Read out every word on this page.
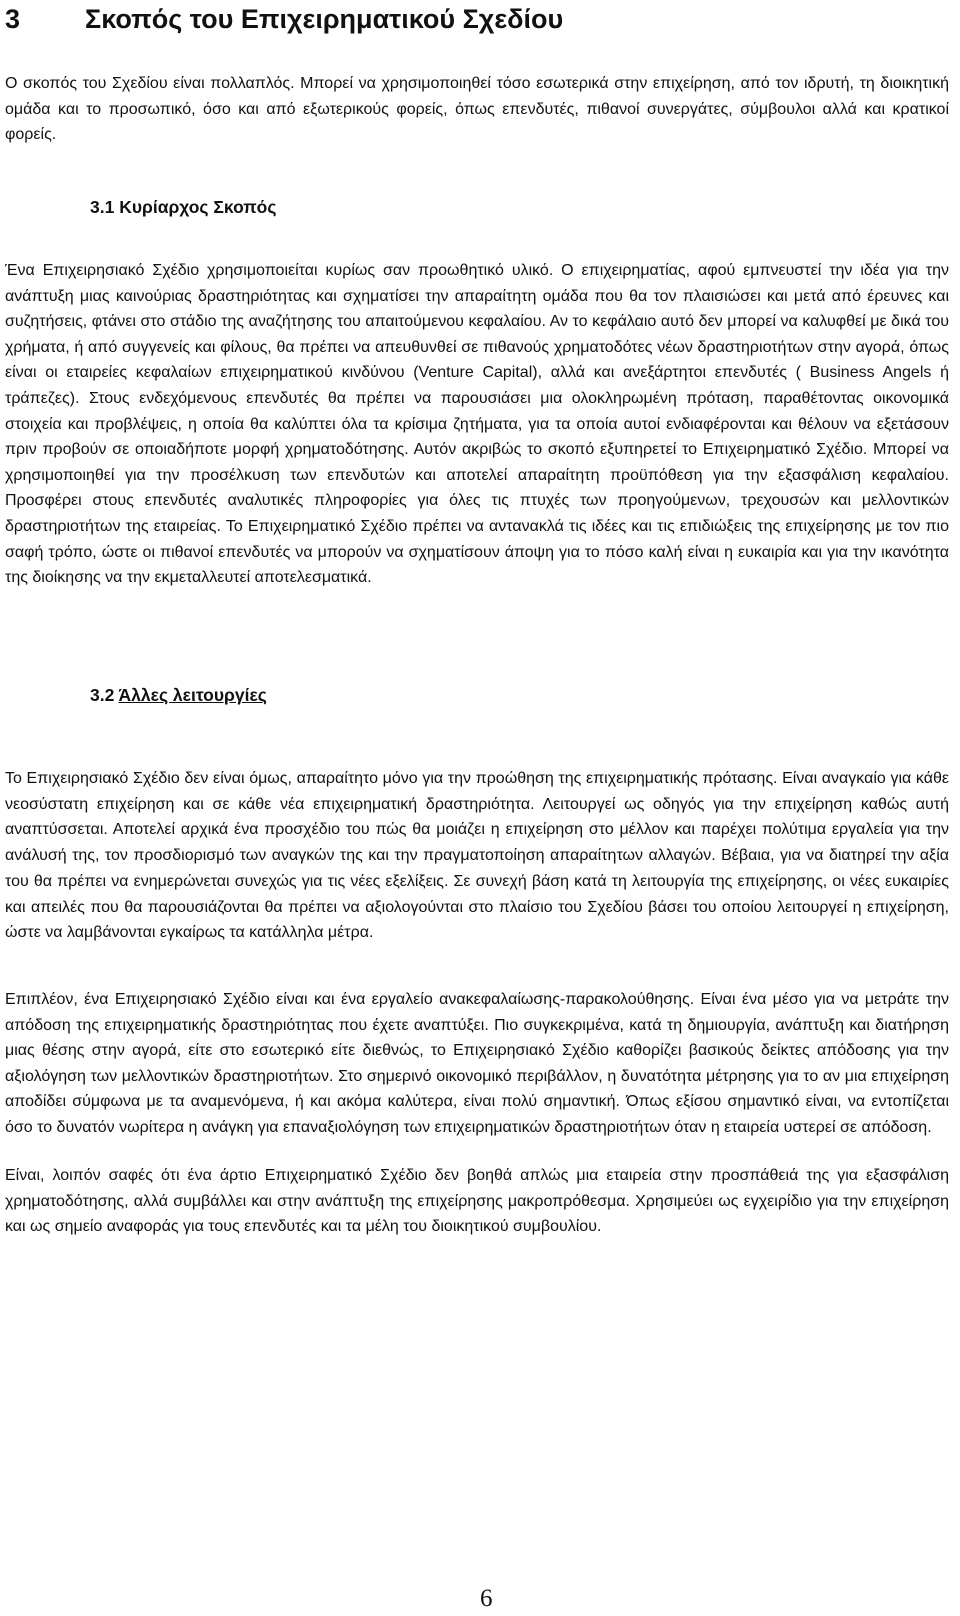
3 Σκοπός του Επιχειρηματικού Σχεδίου

Ο σκοπός του Σχεδίου είναι πολλαπλός. Μπορεί να χρησιμοποιηθεί τόσο εσωτερικά στην επιχείρηση, από τον ιδρυτή, τη διοικητική ομάδα και το προσωπικό, όσο και από εξωτερικούς φορείς, όπως επενδυτές, πιθανοί συνεργάτες, σύμβουλοι αλλά και κρατικοί φορείς.

3.1 Κυρίαρχος Σκοπός

Ένα Επιχειρησιακό Σχέδιο χρησιμοποιείται κυρίως σαν προωθητικό υλικό. Ο επιχειρηματίας, αφού εμπνευστεί την ιδέα για την ανάπτυξη μιας καινούριας δραστηριότητας και σχηματίσει την απαραίτητη ομάδα που θα τον πλαισιώσει και μετά από έρευνες και συζητήσεις, φτάνει στο στάδιο της αναζήτησης του απαιτούμενου κεφαλαίου. Αν το κεφάλαιο αυτό δεν μπορεί να καλυφθεί με δικά του χρήματα, ή από συγγενείς και φίλους, θα πρέπει να απευθυνθεί σε πιθανούς χρηματοδότες νέων δραστηριοτήτων στην αγορά, όπως είναι οι εταιρείες κεφαλαίων επιχειρηματικού κινδύνου (Venture Capital), αλλά και ανεξάρτητοι επενδυτές ( Business Angels ή τράπεζες). Στους ενδεχόμενους επενδυτές θα πρέπει να παρουσιάσει μια ολοκληρωμένη πρόταση, παραθέτοντας οικονομικά στοιχεία και προβλέψεις, η οποία θα καλύπτει όλα τα κρίσιμα ζητήματα, για τα οποία αυτοί ενδιαφέρονται και θέλουν να εξετάσουν πριν προβούν σε οποιαδήποτε μορφή χρηματοδότησης. Αυτόν ακριβώς το σκοπό εξυπηρετεί το Επιχειρηματικό Σχέδιο. Μπορεί να χρησιμοποιηθεί για την προσέλκυση των επενδυτών και αποτελεί απαραίτητη προϋπόθεση για την εξασφάλιση κεφαλαίου. Προσφέρει στους επενδυτές αναλυτικές πληροφορίες για όλες τις πτυχές των προηγούμενων, τρεχουσών και μελλοντικών δραστηριοτήτων της εταιρείας. Το Επιχειρηματικό Σχέδιο πρέπει να αντανακλά τις ιδέες και τις επιδιώξεις της επιχείρησης με τον πιο σαφή τρόπο, ώστε οι πιθανοί επενδυτές να μπορούν να σχηματίσουν άποψη για το πόσο καλή είναι η ευκαιρία και για την ικανότητα της διοίκησης να την εκμεταλλευτεί αποτελεσματικά.

3.2 Άλλες λειτουργίες

Το Επιχειρησιακό Σχέδιο δεν είναι όμως, απαραίτητο μόνο για την προώθηση της επιχειρηματικής πρότασης. Είναι αναγκαίο για κάθε νεοσύστατη επιχείρηση και σε κάθε νέα επιχειρηματική δραστηριότητα. Λειτουργεί ως οδηγός για την επιχείρηση καθώς αυτή αναπτύσσεται. Αποτελεί αρχικά ένα προσχέδιο του πώς θα μοιάζει η επιχείρηση στο μέλλον και παρέχει πολύτιμα εργαλεία για την ανάλυσή της, τον προσδιορισμό των αναγκών της και την πραγματοποίηση απαραίτητων αλλαγών. Βέβαια, για να διατηρεί την αξία του θα πρέπει να ενημερώνεται συνεχώς για τις νέες εξελίξεις. Σε συνεχή βάση κατά τη λειτουργία της επιχείρησης, οι νέες ευκαιρίες και απειλές που θα παρουσιάζονται θα πρέπει να αξιολογούνται στο πλαίσιο του Σχεδίου βάσει του οποίου λειτουργεί η επιχείρηση, ώστε να λαμβάνονται εγκαίρως τα κατάλληλα μέτρα.

Επιπλέον, ένα Επιχειρησιακό Σχέδιο είναι και ένα εργαλείο ανακεφαλαίωσης-παρακολούθησης. Είναι ένα μέσο για να μετράτε την απόδοση της επιχειρηματικής δραστηριότητας που έχετε αναπτύξει. Πιο συγκεκριμένα, κατά τη δημιουργία, ανάπτυξη και διατήρηση μιας θέσης στην αγορά, είτε στο εσωτερικό είτε διεθνώς, το Επιχειρησιακό Σχέδιο καθορίζει βασικούς δείκτες απόδοσης για την αξιολόγηση των μελλοντικών δραστηριοτήτων. Στο σημερινό οικονομικό περιβάλλον, η δυνατότητα μέτρησης για το αν μια επιχείρηση αποδίδει σύμφωνα με τα αναμενόμενα, ή και ακόμα καλύτερα, είναι πολύ σημαντική. Όπως εξίσου σημαντικό είναι, να εντοπίζεται όσο το δυνατόν νωρίτερα η ανάγκη για επαναξιολόγηση των επιχειρηματικών δραστηριοτήτων όταν η εταιρεία υστερεί σε απόδοση.

Είναι, λοιπόν σαφές ότι ένα άρτιο Επιχειρηματικό Σχέδιο δεν βοηθά απλώς μια εταιρεία στην προσπάθειά της για εξασφάλιση χρηματοδότησης, αλλά συμβάλλει και στην ανάπτυξη της επιχείρησης μακροπρόθεσμα. Χρησιμεύει ως εγχειρίδιο για την επιχείρηση και ως σημείο αναφοράς για τους επενδυτές και τα μέλη του διοικητικού συμβουλίου.

6
